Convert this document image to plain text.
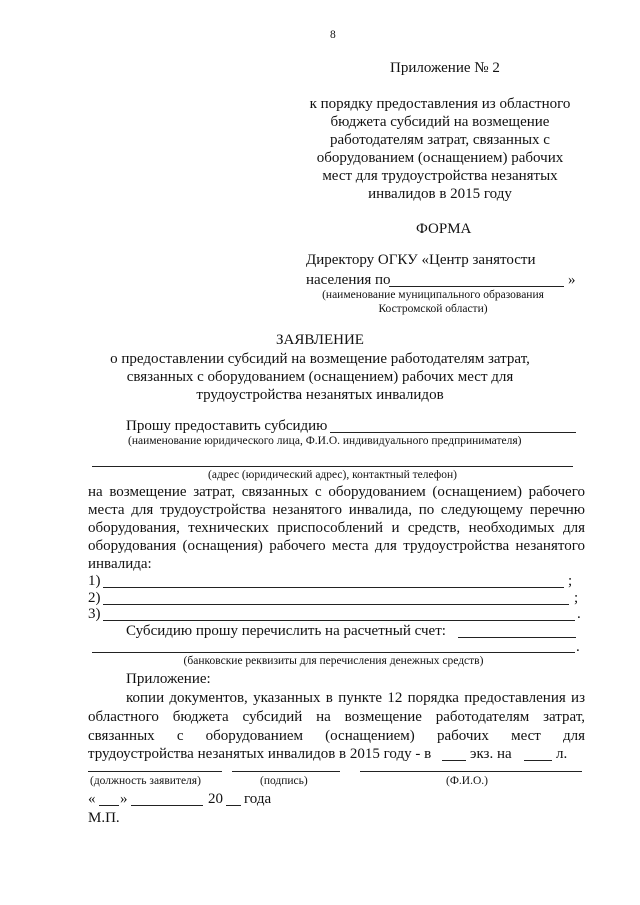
8
Приложение № 2
к порядку предоставления из областного
бюджета субсидий на возмещение
работодателям затрат, связанных с
оборудованием (оснащением) рабочих
мест для трудоустройства незанятых
инвалидов в 2015 году
ФОРМА
Директору ОГКУ «Центр занятости
населения по	»
(наименование муниципального образования
Костромской области)
ЗАЯВЛЕНИЕ
о предоставлении субсидий на возмещение работодателям затрат,
связанных с оборудованием (оснащением) рабочих мест для
трудоустройства незанятых инвалидов
Прошу предоставить субсидию
(наименование юридического лица, Ф.И.О. индивидуального предпринимателя)
(адрес (юридический адрес), контактный телефон)
на возмещение затрат, связанных с оборудованием (оснащением) рабочего
места для трудоустройства незанятого инвалида, по следующему перечню
оборудования, технических приспособлений и средств, необходимых для
оборудования (оснащения) рабочего места для трудоустройства незанятого
инвалида:
1)	;
2)	;
3)	.
Субсидию прошу перечислить на расчетный счет:
.
(банковские реквизиты для перечисления денежных средств)
Приложение:
копии документов, указанных в пункте 12 порядка предоставления из
областного бюджета субсидий на возмещение работодателям затрат,
связанных с оборудованием (оснащением) рабочих мест для
трудоустройства незанятых инвалидов в 2015 году - в	экз. на	л.
(должность заявителя)	(подпись)	(Ф.И.О.)
« »	20 года
М.П.
